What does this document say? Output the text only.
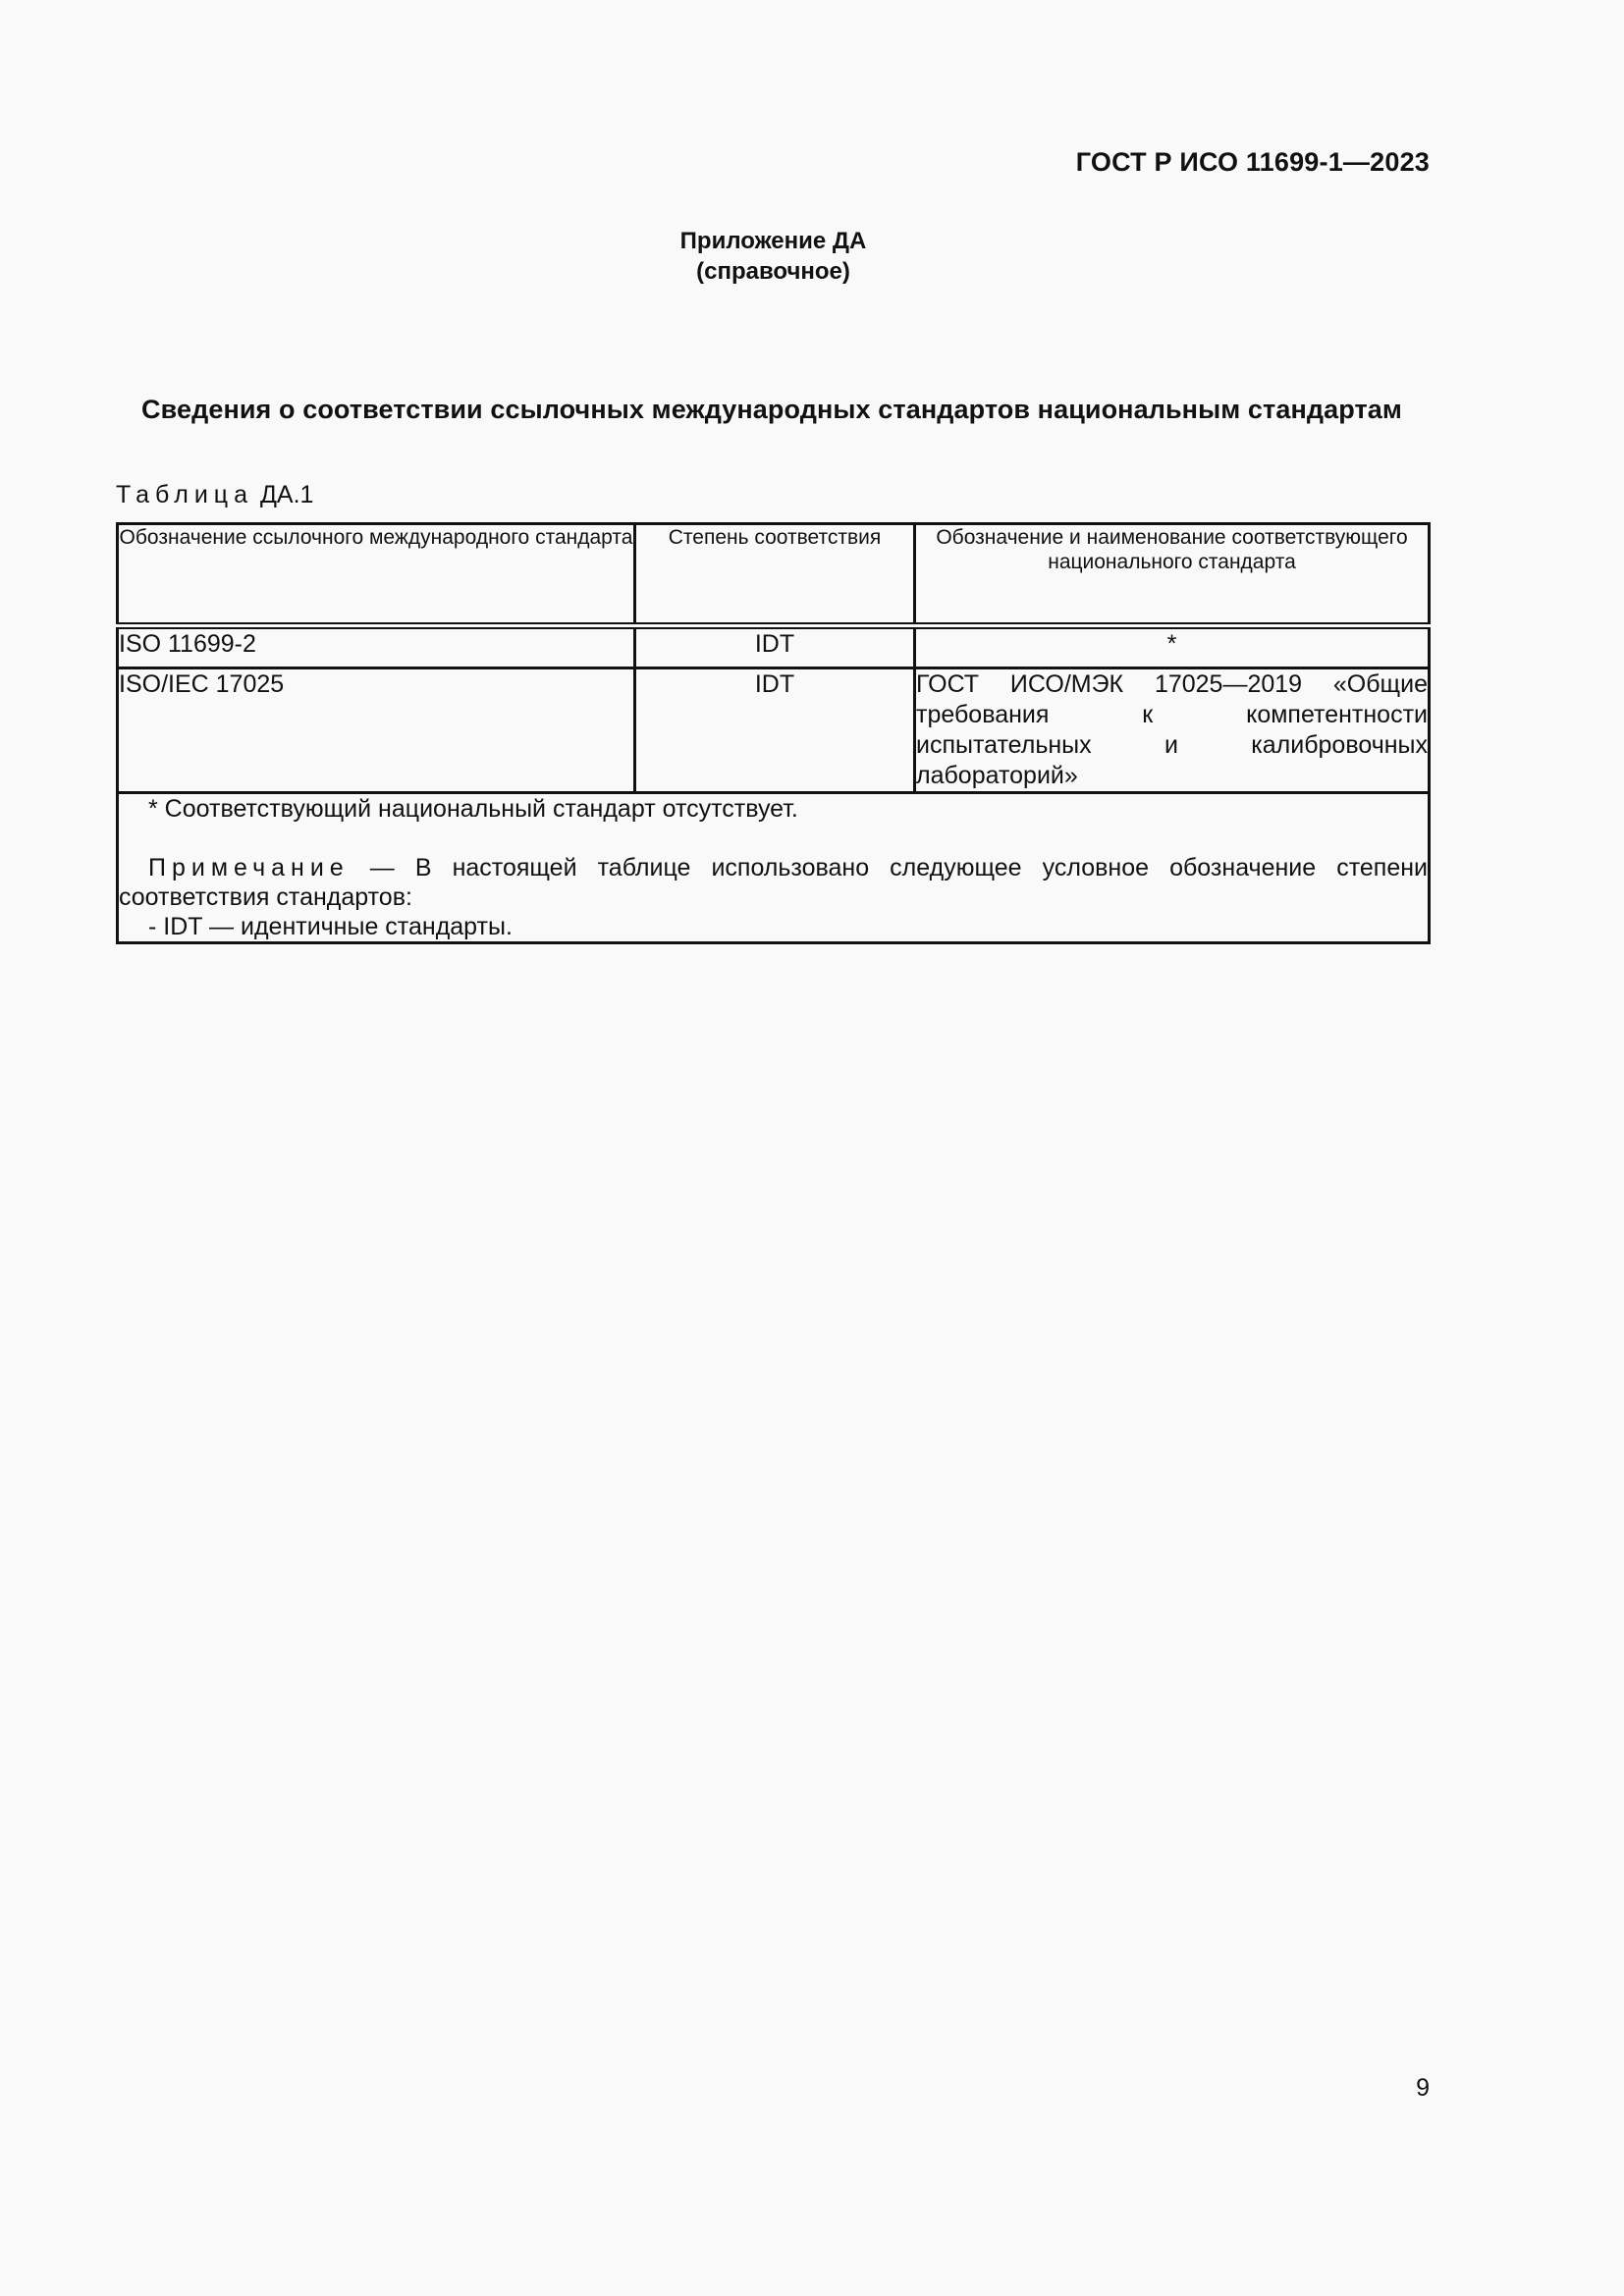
ГОСТ Р ИСО 11699-1—2023
Приложение ДА
(справочное)
Сведения о соответствии ссылочных международных стандартов национальным стандартам
Таблица ДА.1
Обозначение ссылочного международного стандарта	Степень соответствия	Обозначение и наименование соответствующего национального стандарта
ISO 11699-2	IDT	*
ISO/IEC 17025	IDT	ГОСТ ИСО/МЭК 17025—2019 «Общие требования к компетентности испытательных и калибровочных лабораторий»

* Соответствующий национальный стандарт отсутствует.

Примечание — В настоящей таблице использовано следующее условное обозначение степени соответствия стандартов:

- IDT — идентичные стандарты.		

9
